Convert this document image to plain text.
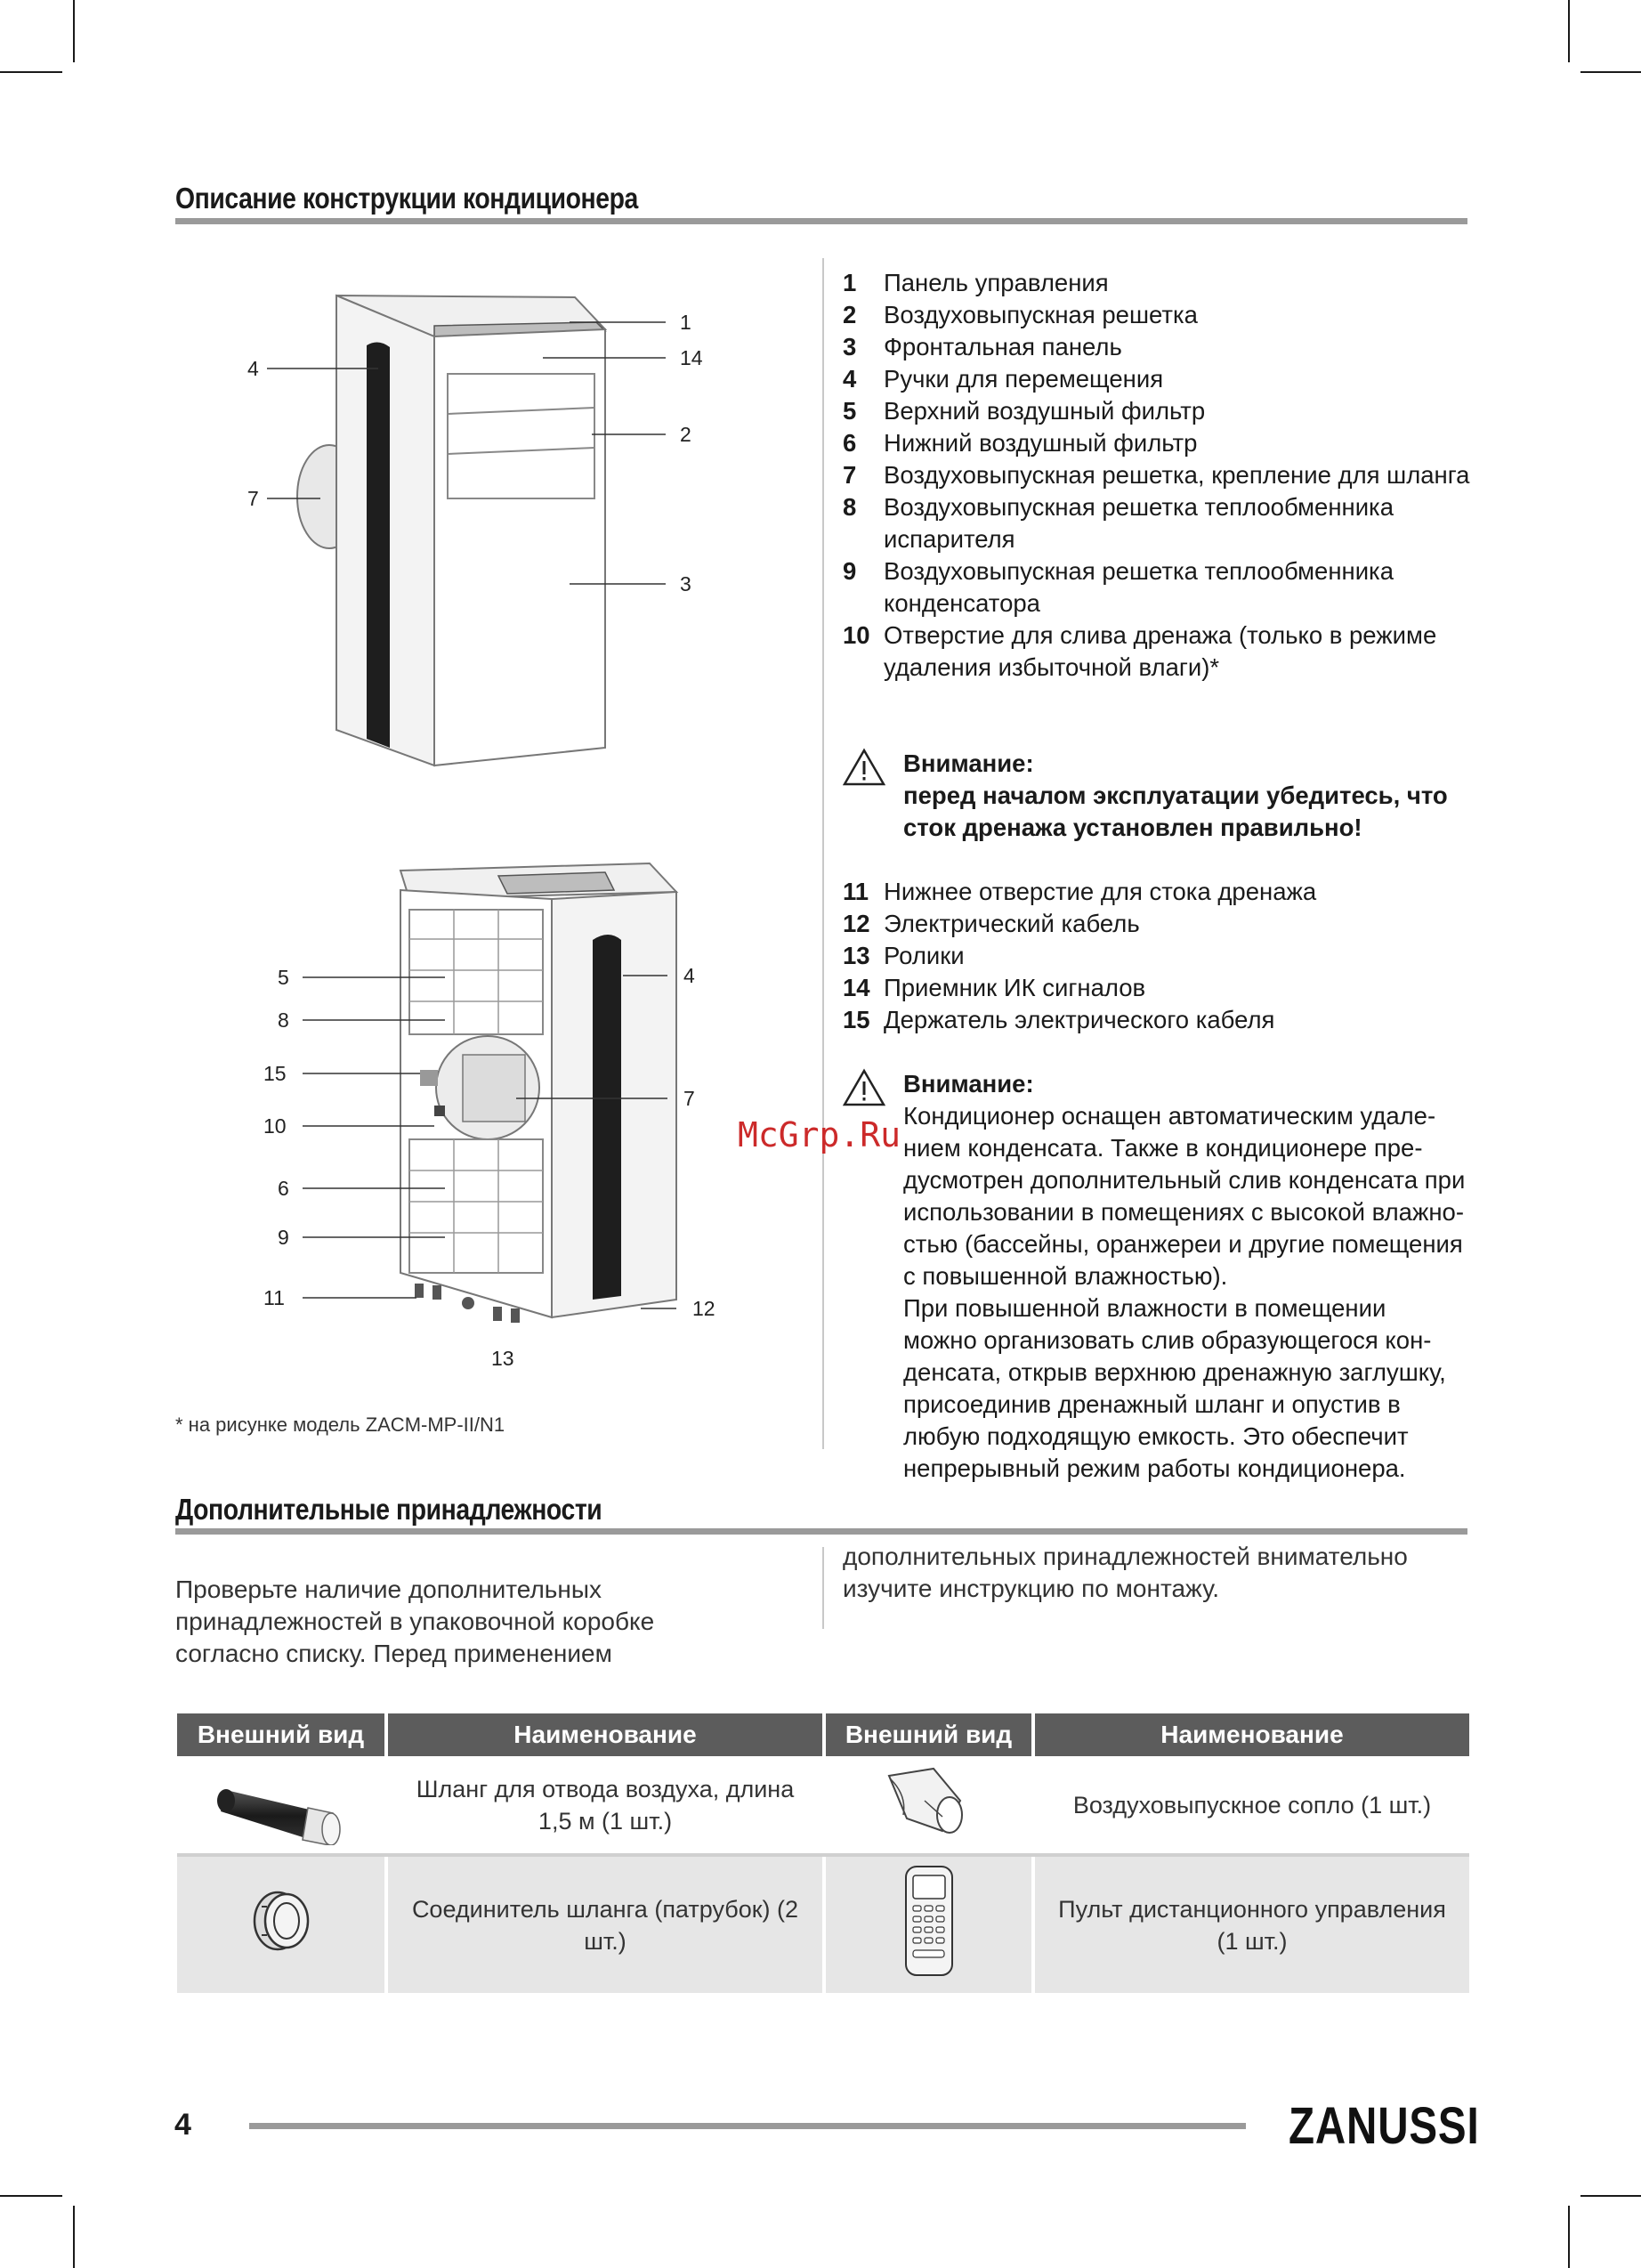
Описание конструкции кондиционера
1
14
4
2
7
3
5	4
8
15
7
10
6
9
11	12
13
* на рисунке модель ZACM-MP-II/N1
1	Панель управления
2	Воздуховыпускная решетка
3	Фронтальная панель
4	Ручки для перемещения
5	Верхний воздушный фильтр
6	Нижний воздушный фильтр
7	Воздуховыпускная решетка, крепление для шланга
8	Воздуховыпускная решетка теплообменника испарителя
9	Воздуховыпускная решетка теплообменника конденсатора
10 Отверстие для слива дренажа (только в режиме удаления избыточной влаги)*
Внимание:
перед началом эксплуатации убедитесь, что сток дренажа установлен правильно!
11 Нижнее отверстие для стока дренажа
12 Электрический кабель
13 Ролики
14 Приемник ИК сигналов
15 Держатель электрического кабеля
Внимание:
Кондиционер оснащен автоматическим удалением конденсата. Также в кондиционере предусмотрен дополнительный слив конденсата при использовании в помещениях с высокой влажностью (бассейны, оранжереи и другие помещения с повышенной влажностью).
При повышенной влажности в помещении можно организовать слив образующегося конденсата, открыв верхнюю дренажную заглушку, присоединив дренажный шланг и опустив в любую подходящую емкость. Это обеспечит непрерывный режим работы кондиционера.
McGrp.Ru
Дополнительные принадлежности
Проверьте наличие дополнительных принадлежностей в упаковочной коробке согласно списку. Перед применением
дополнительных принадлежностей внимательно изучите инструкцию по монтажу.
Внешний вид	Наименование	Внешний вид	Наименование
	Шланг для отвода воздуха, длина 1,5 м (1 шт.)		Воздуховыпускное сопло (1 шт.)
	Соединитель шланга (патрубок) (2 шт.)		Пульт дистанционного управления (1 шт.)
4	ZANUSSI
